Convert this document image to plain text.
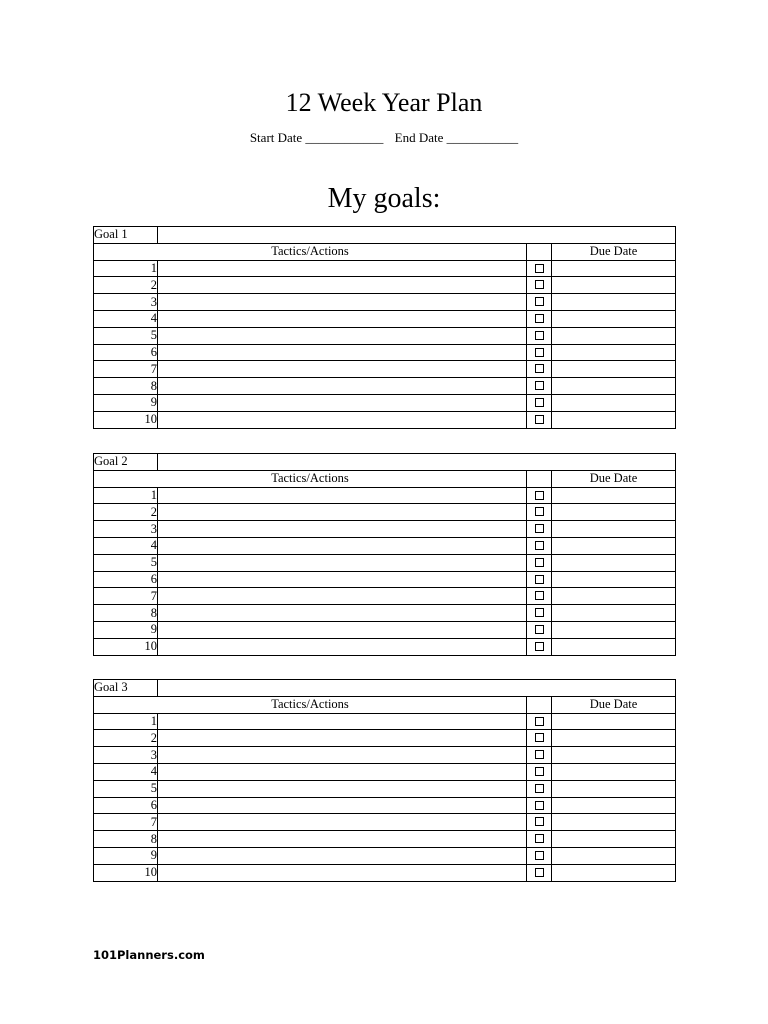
12 Week Year Plan
Start Date ____________ End Date ___________
My goals:
Goal 1			
Tactics/Actions			Due Date
1			
2			
3			
4			
5			
6			
7			
8			
9			
10			
Goal 2			
Tactics/Actions			Due Date
1			
2			
3			
4			
5			
6			
7			
8			
9			
10			
Goal 3			
Tactics/Actions			Due Date
1			
2			
3			
4			
5			
6			
7			
8			
9			
10			
101Planners.com
